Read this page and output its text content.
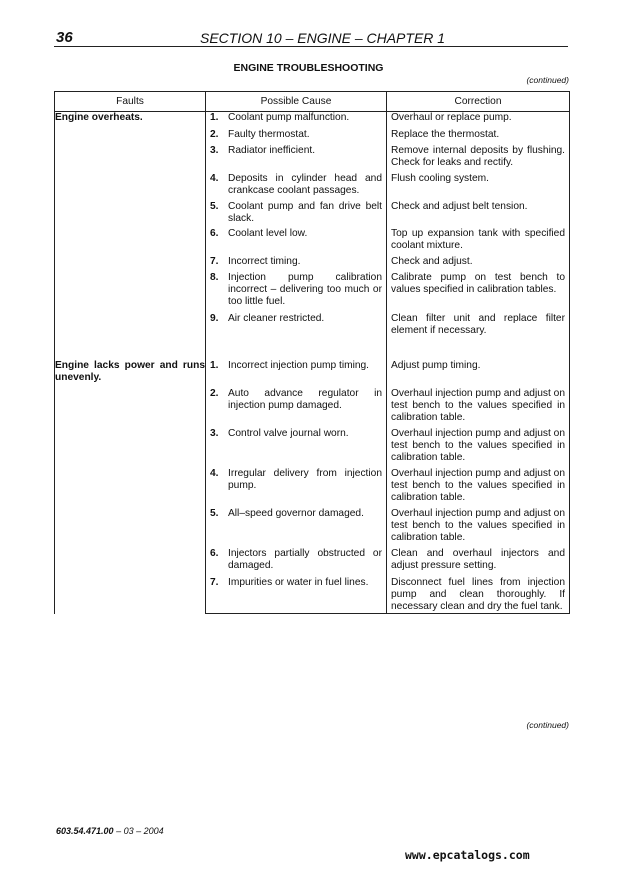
36	SECTION 10 – ENGINE – CHAPTER 1
ENGINE TROUBLESHOOTING
(continued)
Faults	Possible Cause	Correction
Engine overheats.	1. Coolant pump malfunction.	Overhaul or replace pump.

	2. Faulty thermostat.	Replace the thermostat.

	3. Radiator inefficient.	Remove internal deposits by flushing. Check for leaks and rectify.

	4. Deposits in cylinder head and crankcase coolant passages.	Flush cooling system.

	5. Coolant pump and fan drive belt slack.	Check and adjust belt tension.

	6. Coolant level low.	Top up expansion tank with specified coolant mixture.

	7. Incorrect timing.	Check and adjust.

	8. Injection pump calibration incorrect – delivering too much or too little fuel.	Calibrate pump on test bench to values specified in calibration tables.

	9. Air cleaner restricted.	Clean filter unit and replace filter element if necessary.

Engine lacks power and runs unevenly.	1. Incorrect injection pump timing.	Adjust pump timing.

	2. Auto advance regulator in injection pump damaged.	Overhaul injection pump and adjust on test bench to the values specified in calibration table.

	3. Control valve journal worn.	Overhaul injection pump and adjust on test bench to the values specified in calibration table.

	4. Irregular delivery from injection pump.	Overhaul injection pump and adjust on test bench to the values specified in calibration table.

	5. All–speed governor damaged.	Overhaul injection pump and adjust on test bench to the values specified in calibration table.

	6. Injectors partially obstructed or damaged.	Clean and overhaul injectors and adjust pressure setting.

	7. Impurities or water in fuel lines.	Disconnect fuel lines from injection pump and clean thoroughly. If necessary clean and dry the fuel tank.
(continued)
603.54.471.00 – 03 – 2004
www.epcatalogs.com
